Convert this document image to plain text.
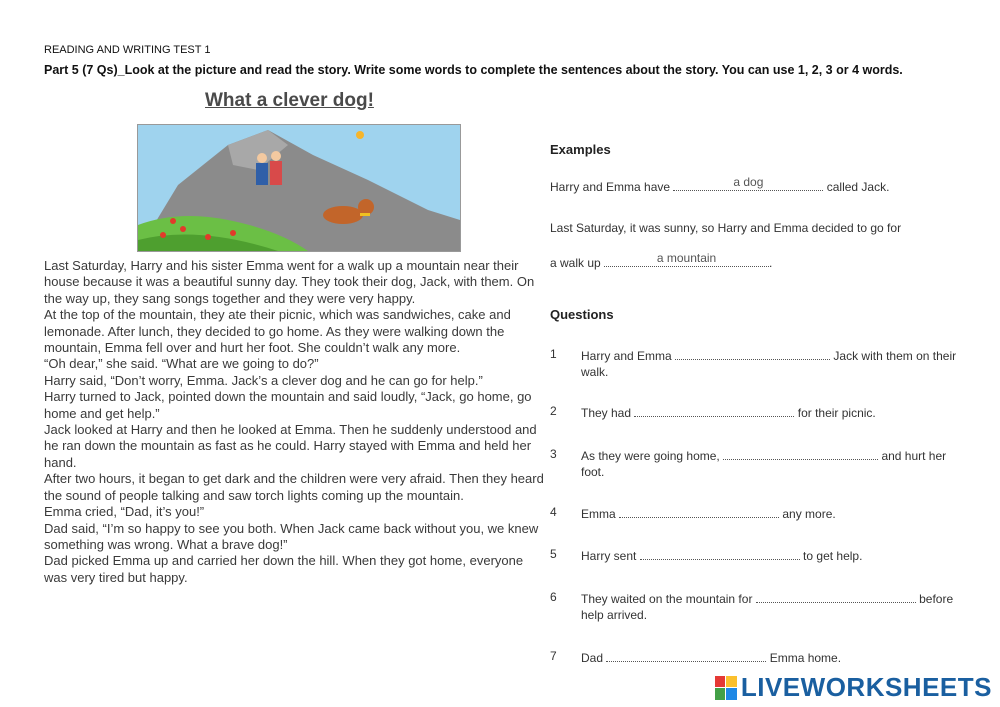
READING AND WRITING TEST 1
Part 5 (7 Qs)_Look at the picture and read the story. Write some words to complete the sentences about the story. You can use 1, 2, 3 or 4 words.
What a clever dog!

Last Saturday, Harry and his sister Emma went for a walk up a mountain near their house because it was a beautiful sunny day. They took their dog, Jack, with them. On the way up, they sang songs together and they were very happy.

At the top of the mountain, they ate their picnic, which was sandwiches, cake and lemonade. After lunch, they decided to go home. As they were walking down the mountain, Emma fell over and hurt her foot. She couldn’t walk any more.

“Oh dear,” she said. “What are we going to do?”

Harry said, “Don’t worry, Emma. Jack’s a clever dog and he can go for help.”

Harry turned to Jack, pointed down the mountain and said loudly, “Jack, go home, go home and get help.”

Jack looked at Harry and then he looked at Emma. Then he suddenly understood and he ran down the mountain as fast as he could. Harry stayed with Emma and held her hand.

After two hours, it began to get dark and the children were very afraid. Then they heard the sound of people talking and saw torch lights coming up the mountain.

Emma cried, “Dad, it’s you!”

Dad said, “I’m so happy to see you both. When Jack came back without you, we knew something was wrong. What a brave dog!”

Dad picked Emma up and carried her down the hill. When they got home, everyone was very tired but happy.

Examples
Harry and Emma have	a dog	called Jack.
Last Saturday, it was sunny, so Harry and Emma decided to go for
a walk up	a mountain	.
Questions
1 Harry and Emma	Jack with them on their walk.
2 They had	for their picnic.
3 As they were going home,	and hurt her foot.
4 Emma	any more.
5 Harry sent	to get help.
6 They waited on the mountain for	before help arrived.
7 Dad	Emma home.
LIVEWORKSHEETS
